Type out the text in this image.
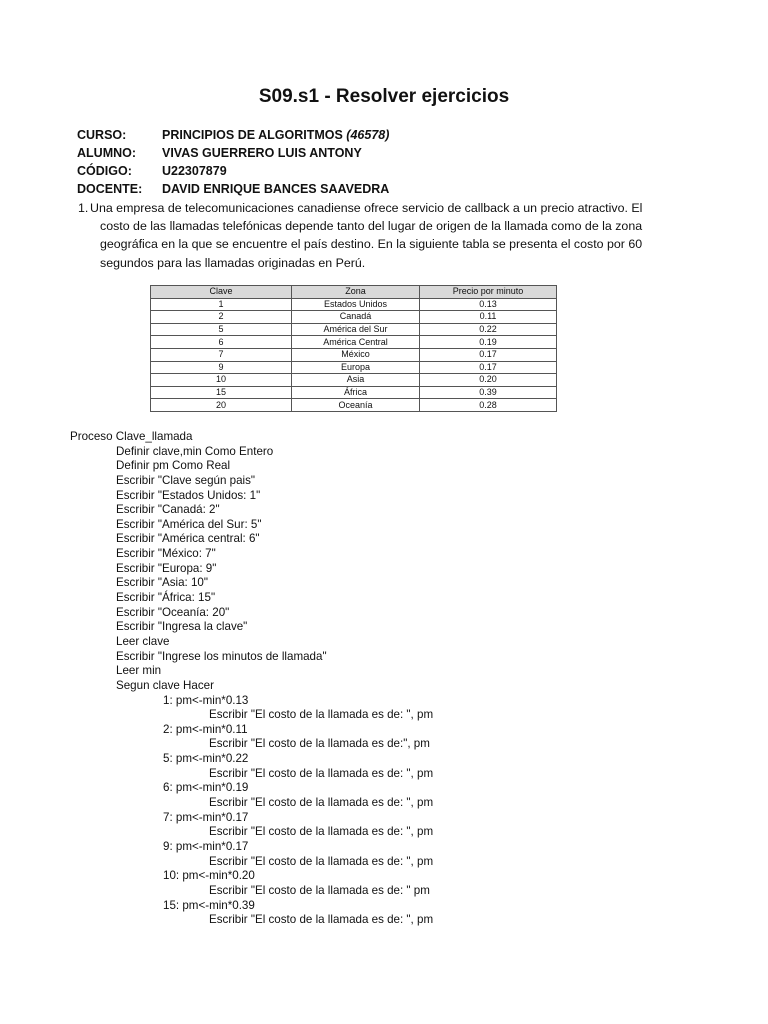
S09.s1 - Resolver ejercicios
CURSO:	PRINCIPIOS DE ALGORITMOS
(46578)
ALUMNO:	VIVAS GUERRERO LUIS ANTONY
CÓDIGO:	U22307879
DOCENTE:	DAVID ENRIQUE BANCES SAAVEDRA
1. Una empresa de telecomunicaciones canadiense ofrece servicio de callback a un precio atractivo. El
costo de las llamadas telefónicas depende tanto del lugar de origen de la llamada como de la zona
geográfica en la que se encuentre el país destino. En la siguiente tabla se presenta el costo por 60
segundos para las llamadas originadas en Perú.
Clave	Zona	Precio por minuto
1	Estados Unidos	0.13
2	Canadá	0.11
5	América del Sur	0.22
6	América Central	0.19
7	México	0.17
9	Europa	0.17
10	Asia	0.20
15	África	0.39
20	Oceanía	0.28
Proceso Clave_llamada
Definir clave,min Como Entero
Definir pm Como Real
Escribir "Clave según pais"
Escribir "Estados Unidos: 1"
Escribir "Canadá: 2"
Escribir "América del Sur: 5"
Escribir "América central: 6"
Escribir "México: 7"
Escribir "Europa: 9"
Escribir "Asia: 10"
Escribir "África: 15"
Escribir "Oceanía: 20"
Escribir "Ingresa la clave"
Leer clave
Escribir "Ingrese los minutos de llamada"
Leer min
Segun clave Hacer
1: pm<-min*0.13
Escribir "El costo de la llamada es de: ", pm
2: pm<-min*0.11
Escribir "El costo de la llamada es de:", pm
5: pm<-min*0.22
Escribir "El costo de la llamada es de: ", pm
6: pm<-min*0.19
Escribir "El costo de la llamada es de: ", pm
7: pm<-min*0.17
Escribir "El costo de la llamada es de: ", pm
9: pm<-min*0.17
Escribir "El costo de la llamada es de: ", pm
10: pm<-min*0.20
Escribir "El costo de la llamada es de: " pm
15: pm<-min*0.39
Escribir "El costo de la llamada es de: ", pm
